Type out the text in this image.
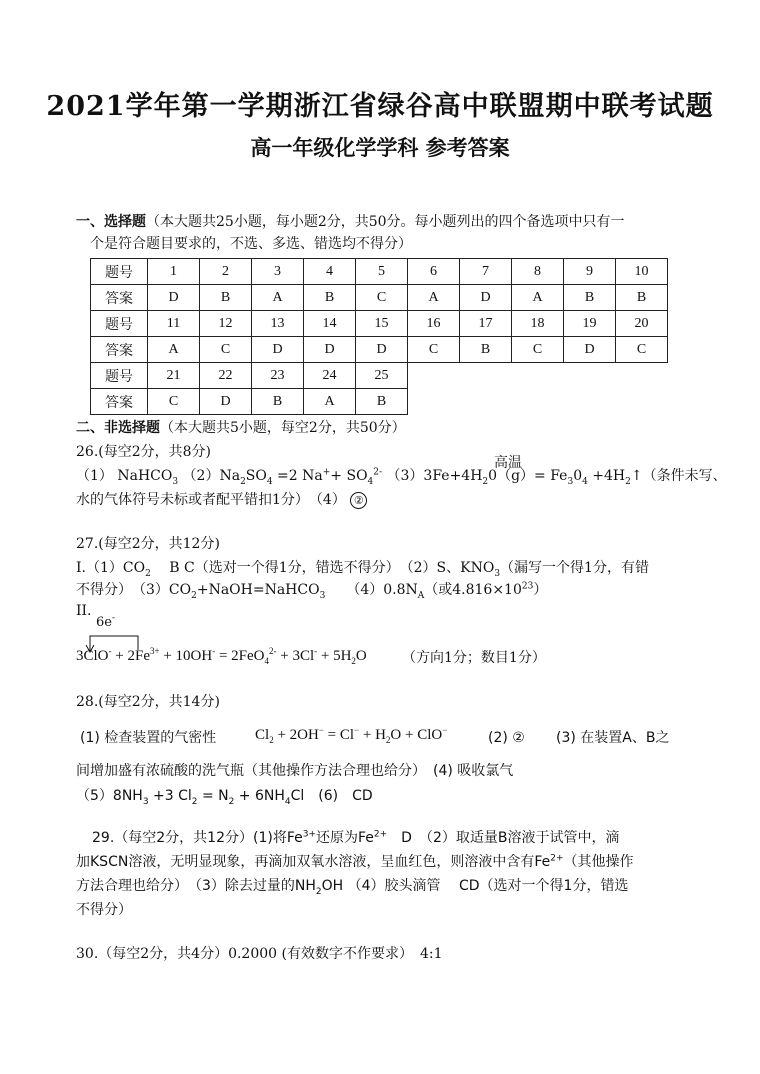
2021学年第一学期浙江省绿谷高中联盟期中联考试题
高一年级化学学科 参考答案
一、选择题（本大题共25小题，每小题2分，共50分。每小题列出的四个备选项中只有一
个是符合题目要求的，不选、多选、错选均不得分）
题号	1	2	3	4	5	6	7	8	9	10
答案	D	B	A	B	C	A	D	A	B	B
题号	11	12	13	14	15	16	17	18	19	20
答案	A	C	D	D	D	C	B	C	D	C
题号	21	22	23	24	25					
答案	C	D	B	A	B					
二、非选择题（本大题共5小题，每空2分，共50分）
26.(每空2分，共8分)
高温
（1） NaHCO$_3$ $(2)Na_2SO_4 =2$ $Na^++ SO_4^{2-}$ $(3)3Fe+4H_20(g)= Fe_30_4$ $+4H_2↑$（条件未写、
水的气体符号未标或者配平错扣1分）　（4） ②
27.(每空2分，共12分)
$I.(1)CO_2$　 B C（选对一个得1分，错选不得分）　（2）S、$KNO_3$（漏写一个得1分，有错
不得分）　$(3)CO_2+NaOH=NaHCO_3$　　$(4)0.8N_A$（或$4.816\times 10^{23}$）
II.
6e-
$3ClO^- + 2Fe^{3+} + 10OH^- = 2FeO_4^{2-} + 3Cl^- + 5H_2O$	（方向1分；数目1分）
28.(每空2分，共14分)
(1) 检查装置的气密性	$Cl_2 + 2OH^- = Cl^- + H_2O + ClO^-$	(2) ② (3) 在装置A、B之
间增加盛有浓硫酸的洗气瓶（其他操作方法合理也给分）　(4) 吸收氯气
$(5)8NH_3 +3$ $Cl_2 = N_2 + 6NH_4Cl$　(6)　CD
29.（每空2分，共12分）(1)将$Fe^{3+}$还原为$Fe^{2+}$　D　（2）取适量B溶液于试管中，滴
加KSCN溶液，无明显现象，再滴加双氧水溶液，呈血红色，则溶液中含有$Fe^{2+}$（其他操作
方法合理也给分）　（3）除去过量的$NH_2OH$ （4）胶头滴管　 CD（选对一个得1分，错选
不得分）
30.（每空2分，共4分）0.2000 (有效数字不作要求）　4:1
